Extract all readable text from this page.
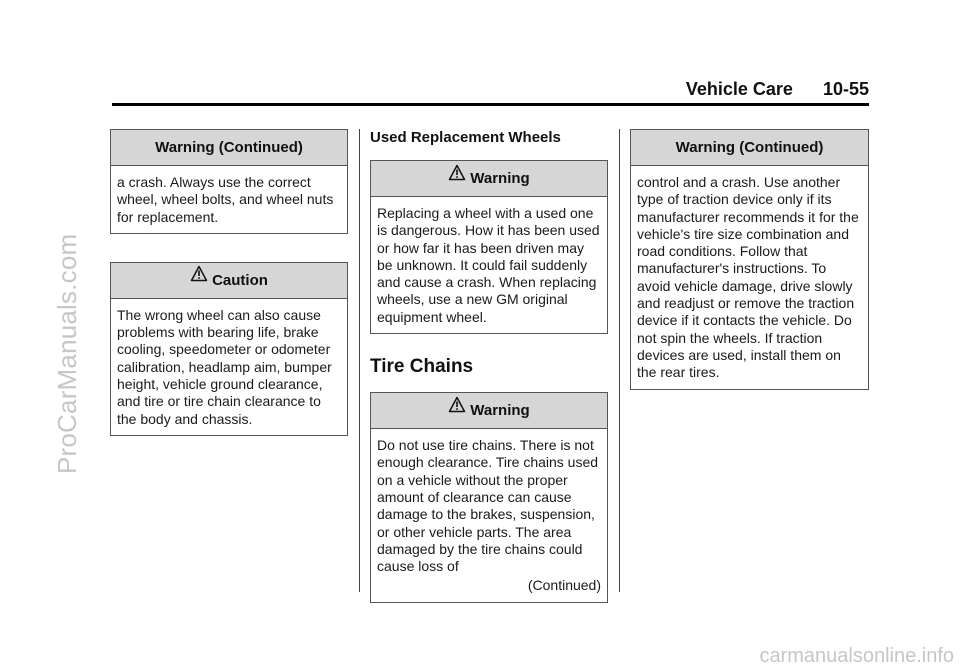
ProCarManuals.com
carmanualsonline.info
Vehicle Care 10-55
Warning (Continued)
a crash. Always use the correct wheel, wheel bolts, and wheel nuts for replacement.
Caution
The wrong wheel can also cause problems with bearing life, brake cooling, speedometer or odometer calibration, headlamp aim, bumper height, vehicle ground clearance, and tire or tire chain clearance to the body and chassis.
Used Replacement Wheels
Warning
Replacing a wheel with a used one is dangerous. How it has been used or how far it has been driven may be unknown. It could fail suddenly and cause a crash. When replacing wheels, use a new GM original equipment wheel.
Tire Chains
Warning
Do not use tire chains. There is not enough clearance. Tire chains used on a vehicle without the proper amount of clearance can cause damage to the brakes, suspension, or other vehicle parts. The area damaged by the tire chains could cause loss of
(Continued)
Warning (Continued)
control and a crash. Use another type of traction device only if its manufacturer recommends it for the vehicle's tire size combination and road conditions. Follow that manufacturer's instructions. To avoid vehicle damage, drive slowly and readjust or remove the traction device if it contacts the vehicle. Do not spin the wheels. If traction devices are used, install them on the rear tires.
